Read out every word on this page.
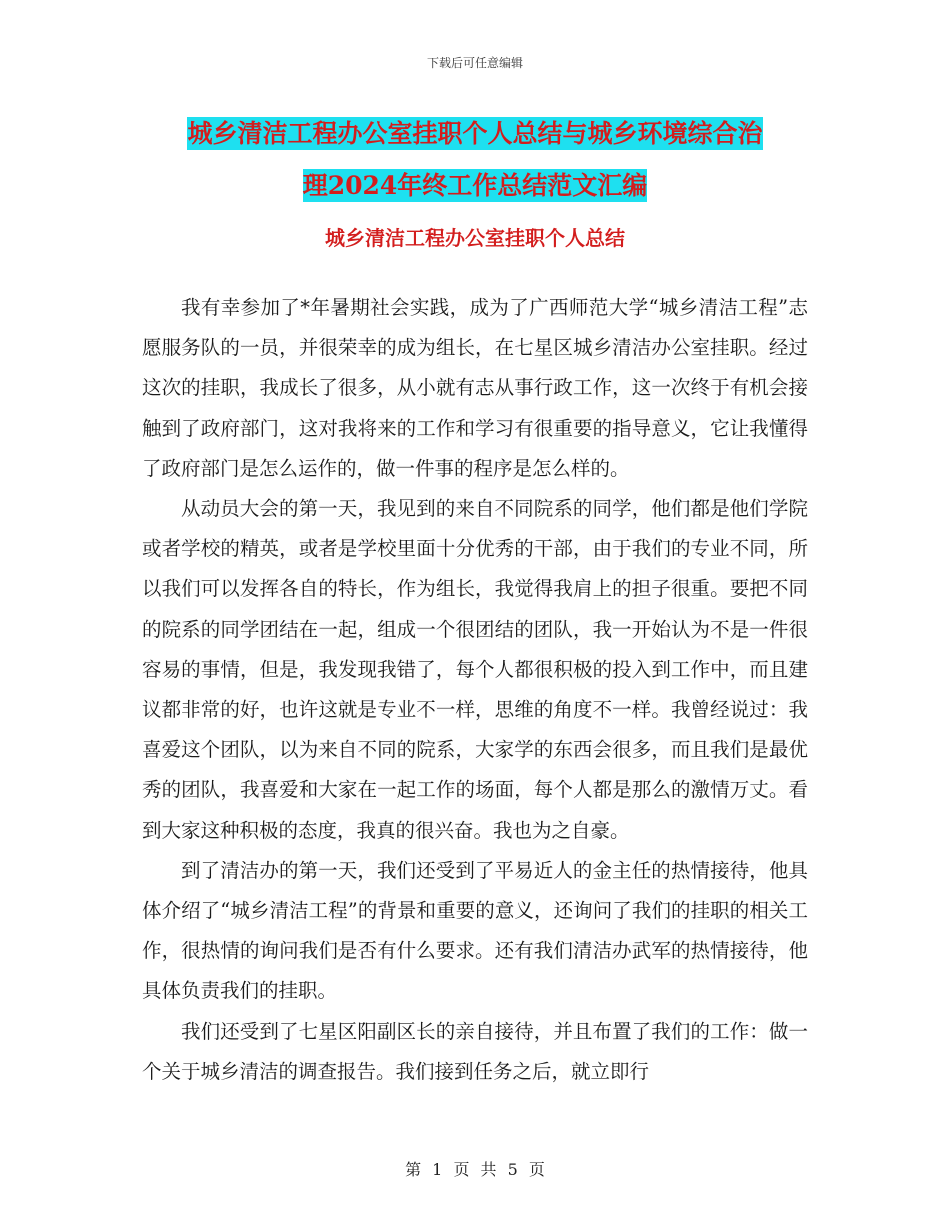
下载后可任意编辑
城乡清洁工程办公室挂职个人总结与城乡环境综合治
理2024年终工作总结范文汇编
城乡清洁工程办公室挂职个人总结

我有幸参加了*年暑期社会实践，成为了广西师范大学“城乡清洁工程”志愿服务队的一员，并很荣幸的成为组长，在七星区城乡清洁办公室挂职。经过这次的挂职，我成长了很多，从小就有志从事行政工作，这一次终于有机会接触到了政府部门，这对我将来的工作和学习有很重要的指导意义，它让我懂得了政府部门是怎么运作的，做一件事的程序是怎么样的。

从动员大会的第一天，我见到的来自不同院系的同学，他们都是他们学院或者学校的精英，或者是学校里面十分优秀的干部，由于我们的专业不同，所以我们可以发挥各自的特长，作为组长，我觉得我肩上的担子很重。要把不同的院系的同学团结在一起，组成一个很团结的团队，我一开始认为不是一件很容易的事情，但是，我发现我错了，每个人都很积极的投入到工作中，而且建议都非常的好，也许这就是专业不一样，思维的角度不一样。我曾经说过：我喜爱这个团队，以为来自不同的院系，大家学的东西会很多，而且我们是最优秀的团队，我喜爱和大家在一起工作的场面，每个人都是那么的激情万丈。看到大家这种积极的态度，我真的很兴奋。我也为之自豪。

到了清洁办的第一天，我们还受到了平易近人的金主任的热情接待，他具体介绍了“城乡清洁工程”的背景和重要的意义，还询问了我们的挂职的相关工作，很热情的询问我们是否有什么要求。还有我们清洁办武军的热情接待，他具体负责我们的挂职。

我们还受到了七星区阳副区长的亲自接待，并且布置了我们的工作：做一个关于城乡清洁的调查报告。我们接到任务之后，就立即行

第 1 页 共 5 页
